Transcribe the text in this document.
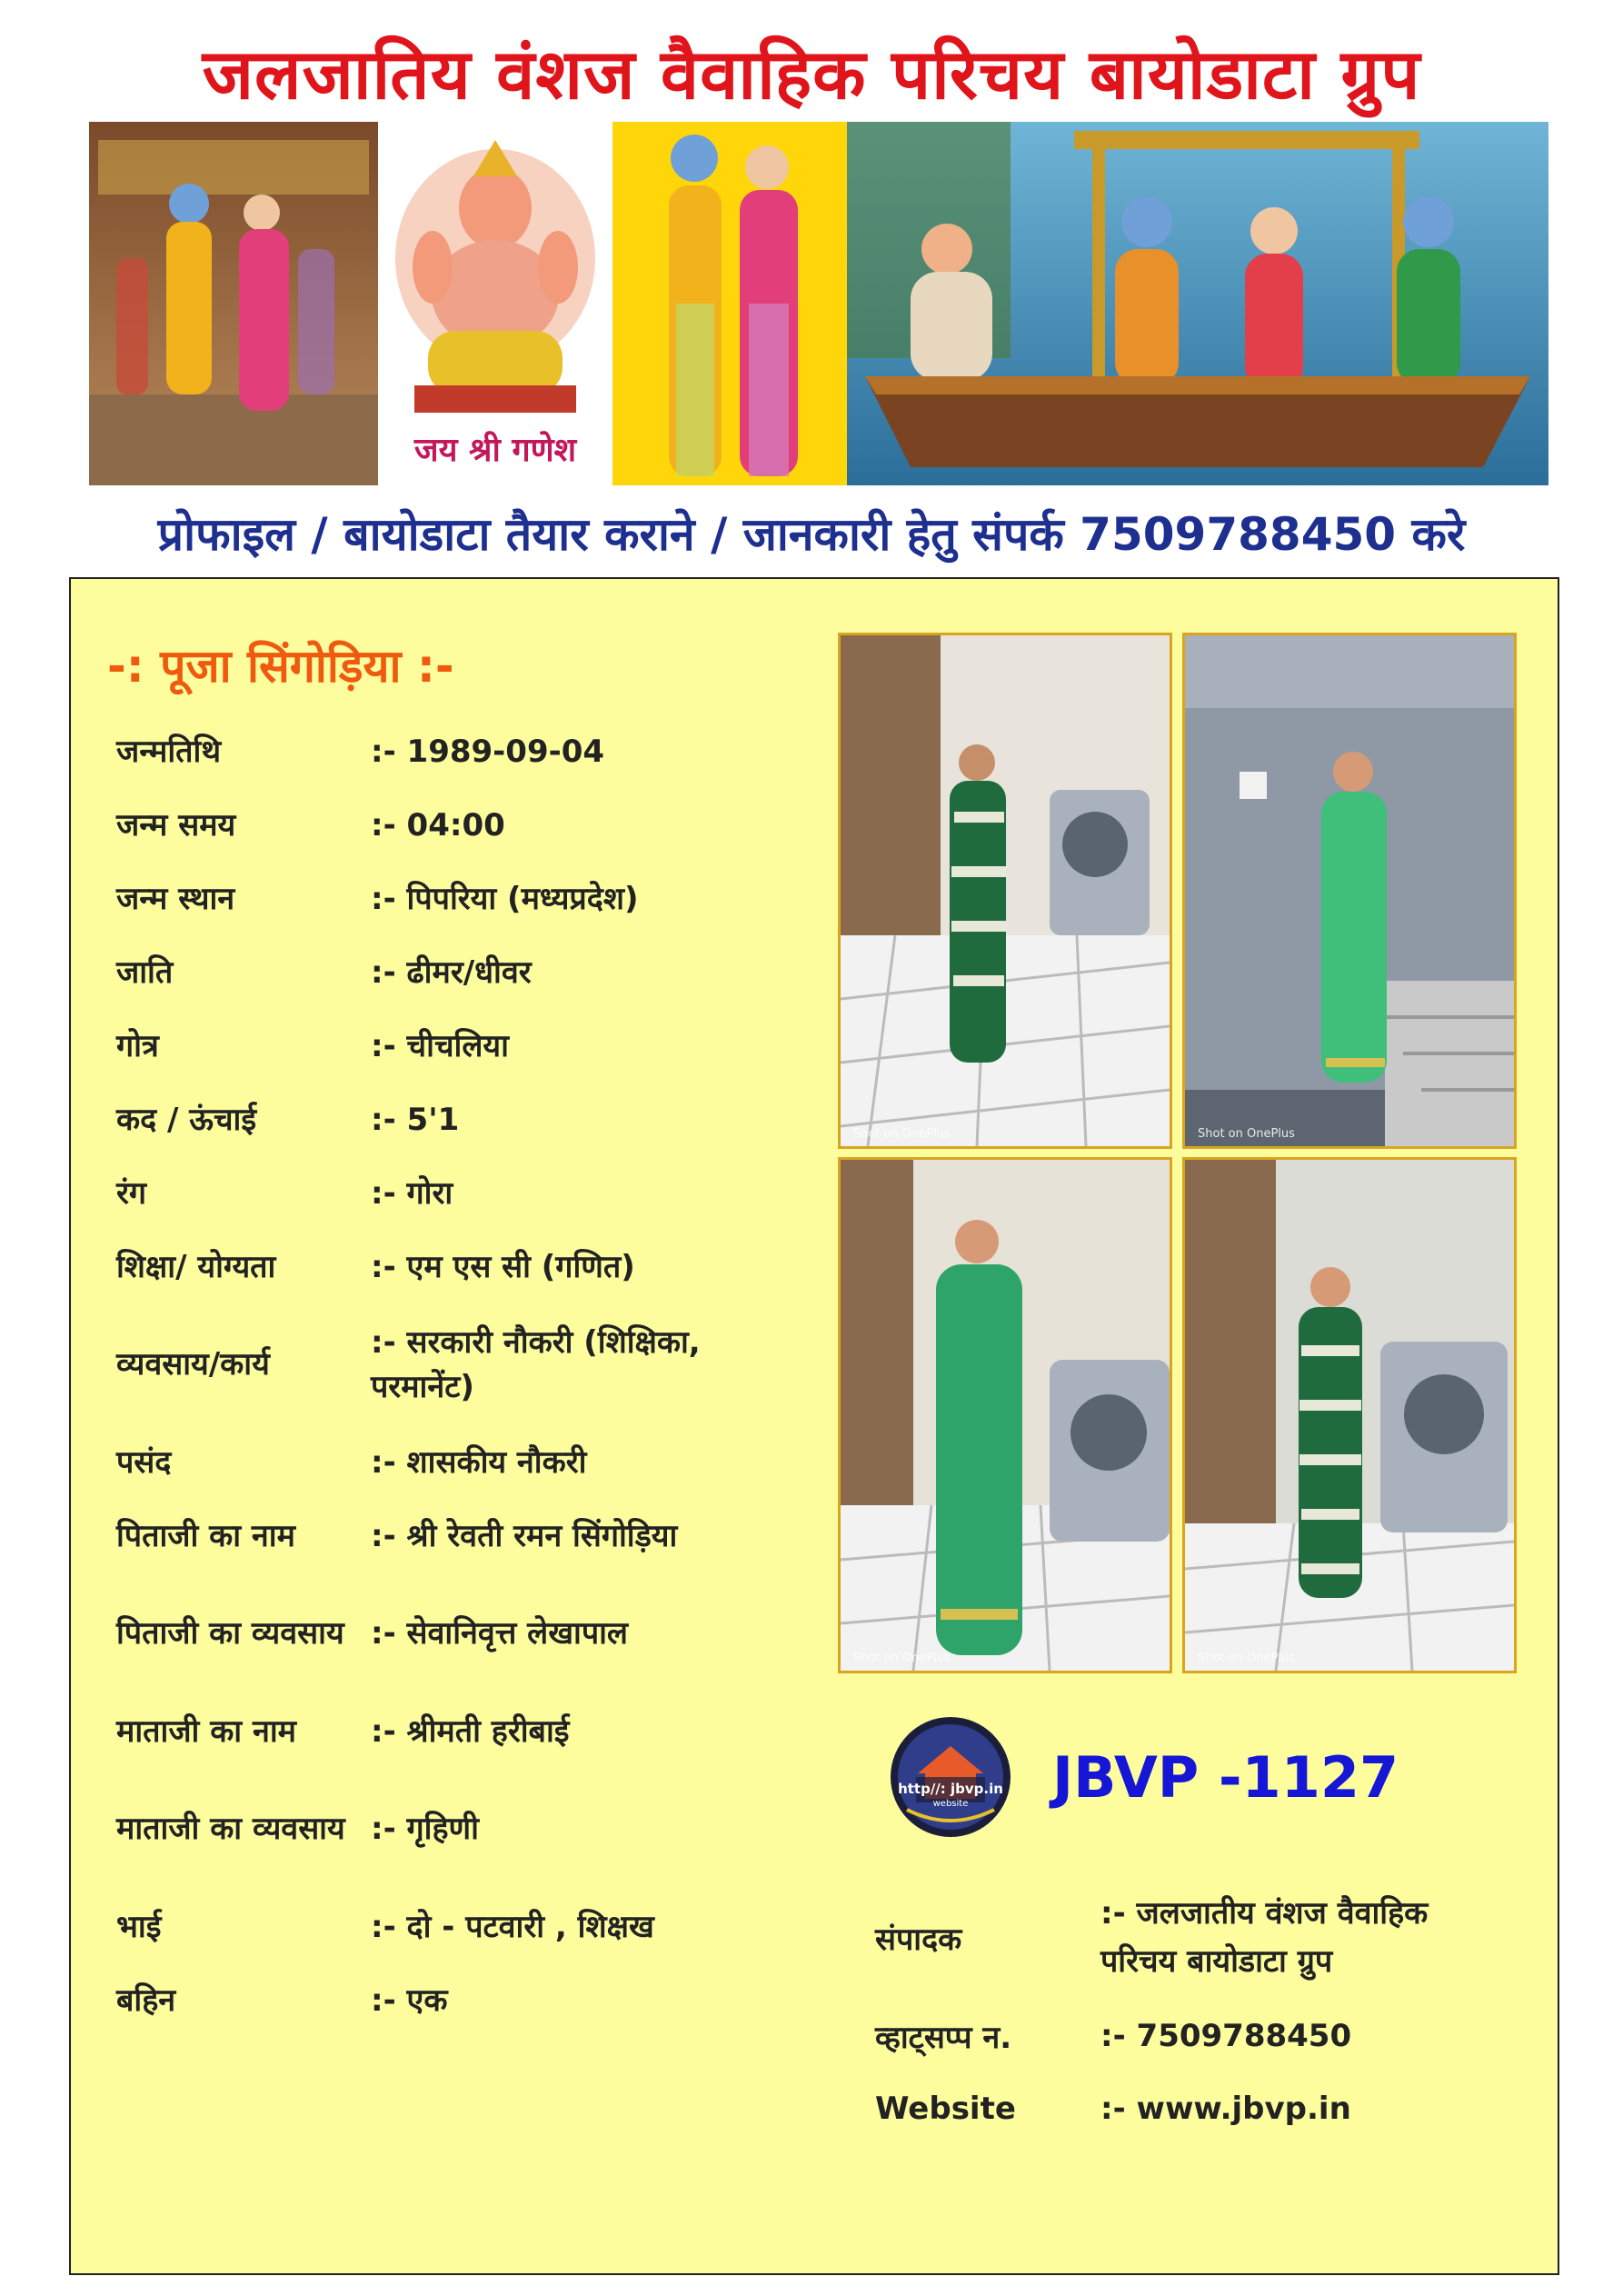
जलजातिय वंशज वैवाहिक परिचय बायोडाटा ग्रुप
जय श्री गणेश
प्रोफाइल / बायोडाटा तैयार कराने / जानकारी हेतु संपर्क 7509788450 करे
-: पूजा सिंगोड़िया :-
जन्मतिथि	:- 1989-09-04
जन्म समय	:- 04:00
जन्म स्थान	:- पिपरिया (मध्यप्रदेश)
जाति	:- ढीमर/धीवर
गोत्र	:- चीचलिया
कद / ऊंचाई	:- 5'1
रंग	:- गोरा
शिक्षा/ योग्यता	:- एम एस सी (गणित)
व्यवसाय/कार्य
:- सरकारी नौकरी (शिक्षिका, परमानेंट)
पसंद	:- शासकीय नौकरी
पिताजी का नाम	:- श्री रेवती रमन सिंगोड़िया
पिताजी का व्यवसाय :- सेवानिवृत्त लेखापाल
माताजी का नाम	:- श्रीमती हरीबाई
माताजी का व्यवसाय :- गृहिणी
भाई	:- दो - पटवारी , शिक्षख
बहिन	:- एक
Shot on OnePlus	Shot on OnePlus
Shot on OnePlus	Shot on OnePlus
http//: jbvp.in
website	JBVP -1127
संपादक
:- जलजातीय वंशज वैवाहिक परिचय बायोडाटा ग्रुप
व्हाट्सप्प न.	:- 7509788450
Website	:- www.jbvp.in
